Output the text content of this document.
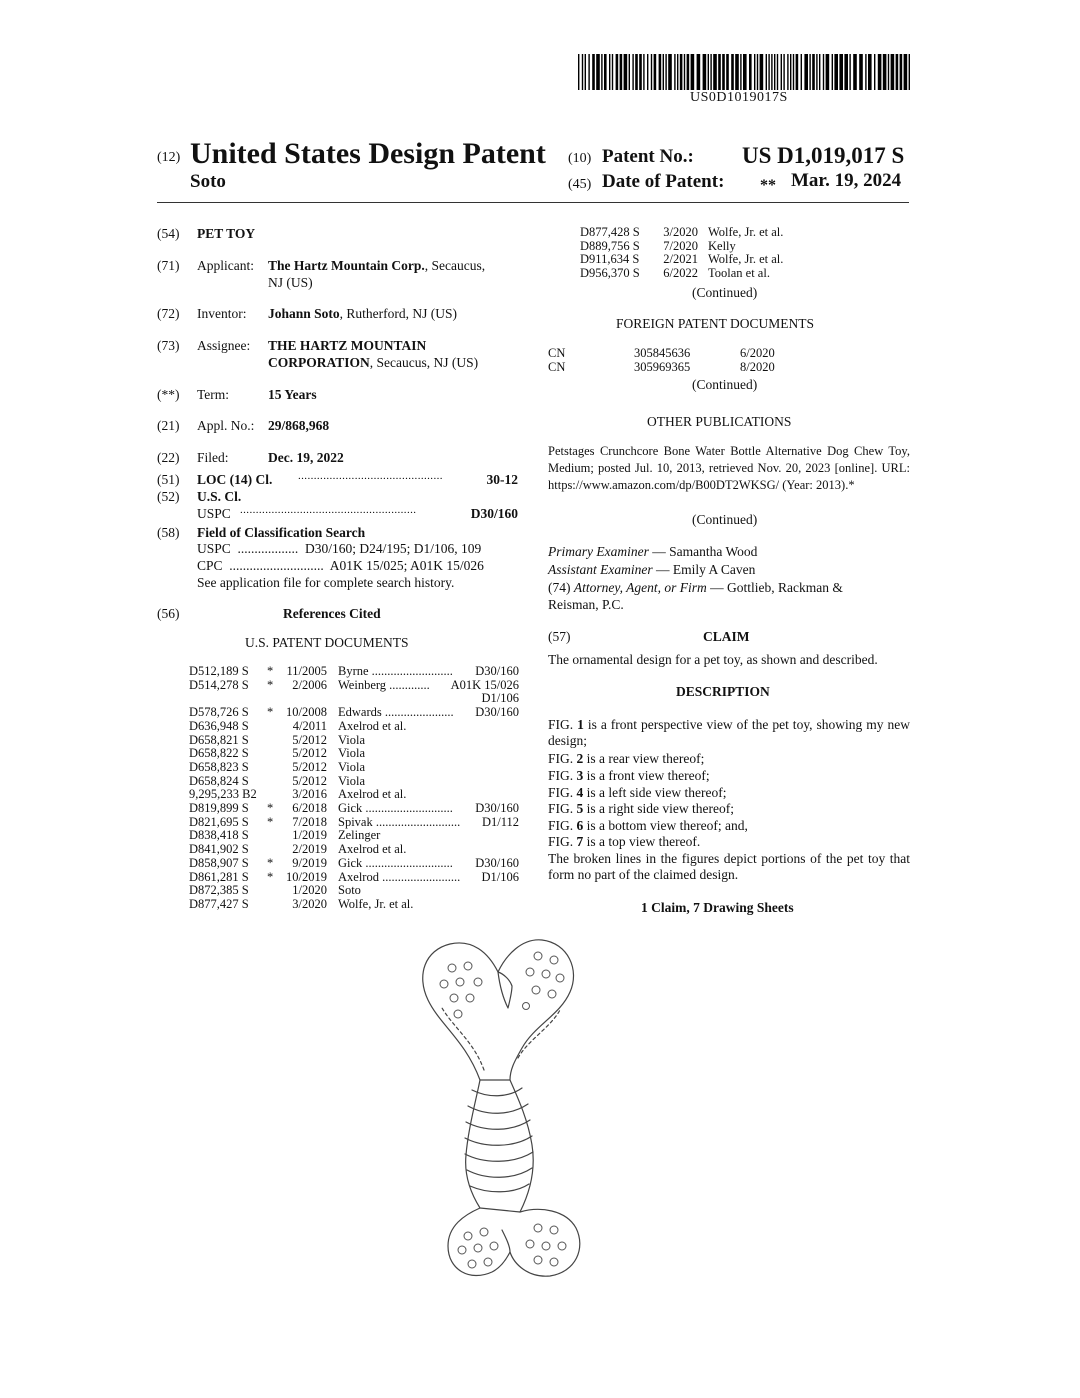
US0D1019017S
(12) United States Design Patent
Soto
(10) Patent No.: US D1,019,017 S
(45) Date of Patent: ** Mar. 19, 2024
(54) PET TOY
(71) Applicant: The Hartz Mountain Corp., Secaucus,
NJ (US)
(72) Inventor: Johann Soto, Rutherford, NJ (US)
(73) Assignee: THE HARTZ MOUNTAIN
CORPORATION, Secaucus, NJ (US)
(**) Term:	15 Years
(21) Appl. No.: 29/868,968
(22) Filed:	Dec. 19, 2022
(51) LOC (14) Cl. ..............................................	30-12
(52) U.S. Cl.
USPC ........................................................	D30/160
(58) Field of Classification Search
USPC  ..................  D30/160; D24/195; D1/106, 109
CPC  ............................  A01K 15/025; A01K 15/026
See application file for complete search history.
(56)	References Cited
U.S. PATENT DOCUMENTS
D512,189 S *	11/2005 Byrne .......................... D30/160
D514,278 S *	2/2006 Weinberg ............. A01K 15/026
D1/106
D578,726 S *	10/2008 Edwards ...................... D30/160
D636,948 S	4/2011 Axelrod et al.
D658,821 S	5/2012 Viola
D658,822 S	5/2012 Viola
D658,823 S	5/2012 Viola
D658,824 S	5/2012 Viola
9,295,233 B2	3/2016 Axelrod et al.
D819,899 S *	6/2018 Gick ............................ D30/160
D821,695 S *	7/2018 Spivak ........................... D1/112
D838,418 S	1/2019 Zelinger
D841,902 S	2/2019 Axelrod et al.
D858,907 S *	9/2019 Gick ............................ D30/160
D861,281 S *	10/2019 Axelrod ......................... D1/106
D872,385 S	1/2020 Soto
D877,427 S	3/2020 Wolfe, Jr. et al.
D877,428 S	3/2020 Wolfe, Jr. et al.
D889,756 S	7/2020 Kelly
D911,634 S	2/2021 Wolfe, Jr. et al.
D956,370 S	6/2022 Toolan et al.
(Continued)
FOREIGN PATENT DOCUMENTS
CN	305845636	6/2020
CN	305969365	8/2020
(Continued)
OTHER PUBLICATIONS
Petstages Crunchcore Bone Water Bottle Alternative Dog Chew Toy, Medium; posted Jul. 10, 2013, retrieved Nov. 20, 2023 [online]. URL: https://www.amazon.com/dp/B00DT2WKSG/ (Year: 2013).*
(Continued)
Primary Examiner — Samantha Wood
Assistant Examiner — Emily A Caven
(74) Attorney, Agent, or Firm — Gottlieb, Rackman &
Reisman, P.C.
(57)	CLAIM
The ornamental design for a pet toy, as shown and described.
DESCRIPTION
FIG. 1 is a front perspective view of the pet toy, showing my new design;
FIG. 2 is a rear view thereof;
FIG. 3 is a front view thereof;
FIG. 4 is a left side view thereof;
FIG. 5 is a right side view thereof;
FIG. 6 is a bottom view thereof; and,
FIG. 7 is a top view thereof.
The broken lines in the figures depict portions of the pet toy that form no part of the claimed design.
1 Claim, 7 Drawing Sheets
